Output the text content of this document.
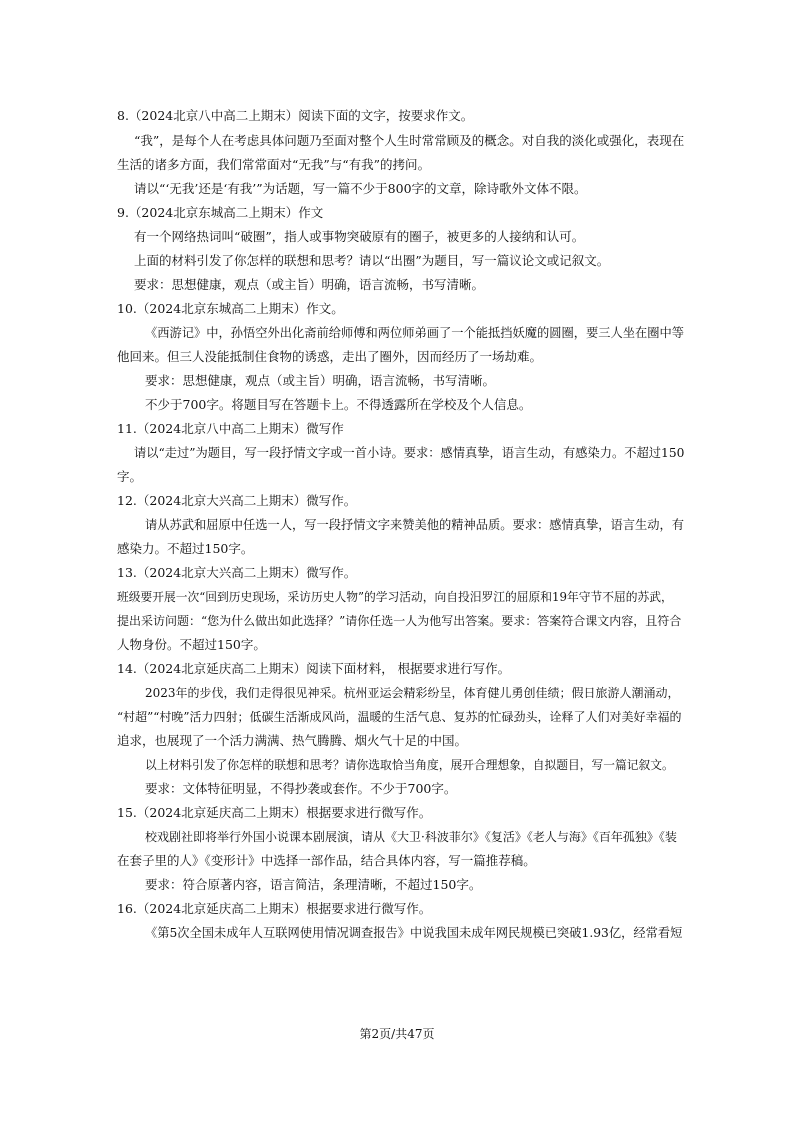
8.（2024北京八中高二上期末）阅读下面的文字，按要求作文。
“我”，是每个人在考虑具体问题乃至面对整个人生时常常顾及的概念。对自我的淡化或强化，表现在
生活的诸多方面，我们常常面对“无我”与“有我”的拷问。
请以“‘无我’还是‘有我’”为话题，写一篇不少于800字的文章，除诗歌外文体不限。
9.（2024北京东城高二上期末）作文
有一个网络热词叫“破圈”，指人或事物突破原有的圈子，被更多的人接纳和认可。
上面的材料引发了你怎样的联想和思考？请以“出圈”为题目，写一篇议论文或记叙文。
要求：思想健康，观点（或主旨）明确，语言流畅，书写清晰。
10.（2024北京东城高二上期末）作文。
《西游记》中，孙悟空外出化斋前给师傅和两位师弟画了一个能抵挡妖魔的圆圈，要三人坐在圈中等
他回来。但三人没能抵制住食物的诱惑，走出了圈外，因而经历了一场劫难。
要求：思想健康，观点（或主旨）明确，语言流畅，书写清晰。
不少于700字。将题目写在答题卡上。不得透露所在学校及个人信息。
11.（2024北京八中高二上期末）微写作
请以“走过”为题目，写一段抒情文字或一首小诗。要求：感情真挚，语言生动，有感染力。不超过150
字。
12.（2024北京大兴高二上期末）微写作。
请从苏武和屈原中任选一人，写一段抒情文字来赞美他的精神品质。要求：感情真挚，语言生动，有
感染力。不超过150字。
13.（2024北京大兴高二上期末）微写作。
班级要开展一次“回到历史现场，采访历史人物”的学习活动，向自投汨罗江的屈原和19年守节不屈的苏武，
提出采访问题：“您为什么做出如此选择？”请你任选一人为他写出答案。要求：答案符合课文内容，且符合
人物身份。不超过150字。
14.（2024北京延庆高二上期末）阅读下面材料， 根据要求进行写作。
2023年的步伐，我们走得很见神采。杭州亚运会精彩纷呈，体育健儿勇创佳绩；假日旅游人潮涌动，
“村超”“村晚”活力四射；低碳生活渐成风尚，温暖的生活气息、复苏的忙碌劲头，诠释了人们对美好幸福的
追求，也展现了一个活力满满、热气腾腾、烟火气十足的中国。
以上材料引发了你怎样的联想和思考？请你选取恰当角度，展开合理想象，自拟题目，写一篇记叙文。
要求：文体特征明显，不得抄袭或套作。不少于700字。
15.（2024北京延庆高二上期末）根据要求进行微写作。
校戏剧社即将举行外国小说课本剧展演，请从《大卫·科波菲尔》《复活》《老人与海》《百年孤独》《装
在套子里的人》《变形计》中选择一部作品，结合具体内容，写一篇推荐稿。
要求：符合原著内容，语言简洁，条理清晰，不超过150字。
16.（2024北京延庆高二上期末）根据要求进行微写作。
《第5次全国未成年人互联网使用情况调查报告》中说我国未成年网民规模已突破1.93亿，经常看短
第2页/共47页
